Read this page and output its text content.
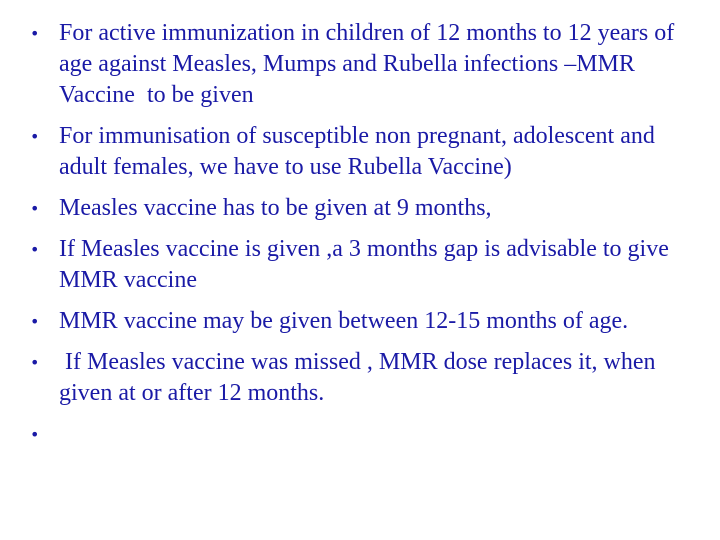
• For active immunization in children of 12 months to 12 years of age against Measles, Mumps and Rubella infections –MMR Vaccine  to be given
• For immunisation of susceptible non pregnant, adolescent and adult females, we have to use Rubella Vaccine)
• Measles vaccine has to be given at 9 months,
• If Measles vaccine is given ,a 3 months gap is advisable to give MMR vaccine
• MMR vaccine may be given between 12-15 months of age.
• If Measles vaccine was missed , MMR dose replaces it, when given at or after 12 months.
•
